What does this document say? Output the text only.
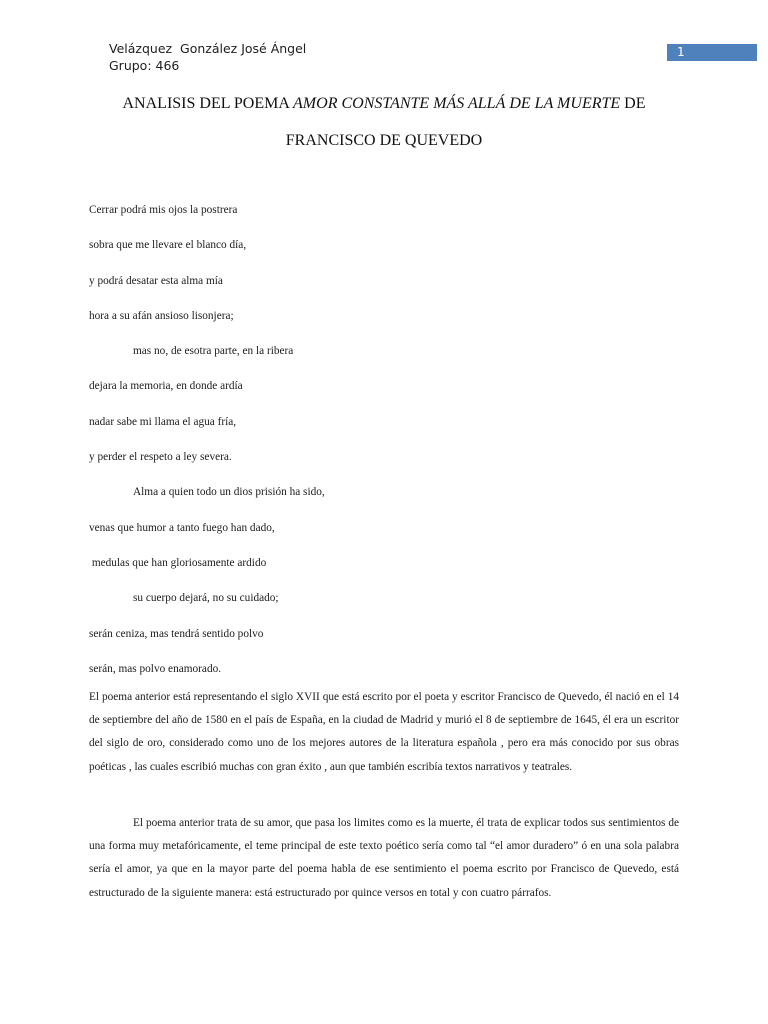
Velázquez  González José Ángel
Grupo: 466
1
ANALISIS DEL POEMA AMOR CONSTANTE MÁS ALLÁ DE LA MUERTE DE
FRANCISCO DE QUEVEDO
Cerrar podrá mis ojos la postrera
sobra que me llevare el blanco día,
y podrá desatar esta alma mía
hora a su afán ansioso lisonjera;
mas no, de esotra parte, en la ribera
dejara la memoria, en donde ardía
nadar sabe mi llama el agua fría,
y perder el respeto a ley severa.
Alma a quien todo un dios prisión ha sido,
venas que humor a tanto fuego han dado,
medulas que han gloriosamente ardido
su cuerpo dejará, no su cuidado;
serán ceniza, mas tendrá sentido polvo
serán, mas polvo enamorado.

El poema anterior está representando el siglo XVII que está escrito por el poeta y escritor Francisco de Quevedo, él nació en el 14 de septiembre del año de 1580 en el país de España, en la ciudad de Madrid y murió el 8 de septiembre de 1645, él era un escritor del siglo de oro, considerado como uno de los mejores autores de la literatura española , pero era más conocido por sus obras poéticas , las cuales escribió muchas con gran éxito , aun que también escribía textos narrativos y teatrales.

El poema anterior trata de su amor, que pasa los limites como es la muerte, él trata de explicar todos sus sentimientos de una forma muy metafóricamente, el teme principal de este texto poético sería como tal “el amor duradero” ó en una sola palabra sería el amor, ya que en la mayor parte del poema habla de ese sentimiento el poema escrito por Francisco de Quevedo, está estructurado de la siguiente manera: está estructurado por quince versos en total y con cuatro párrafos.
